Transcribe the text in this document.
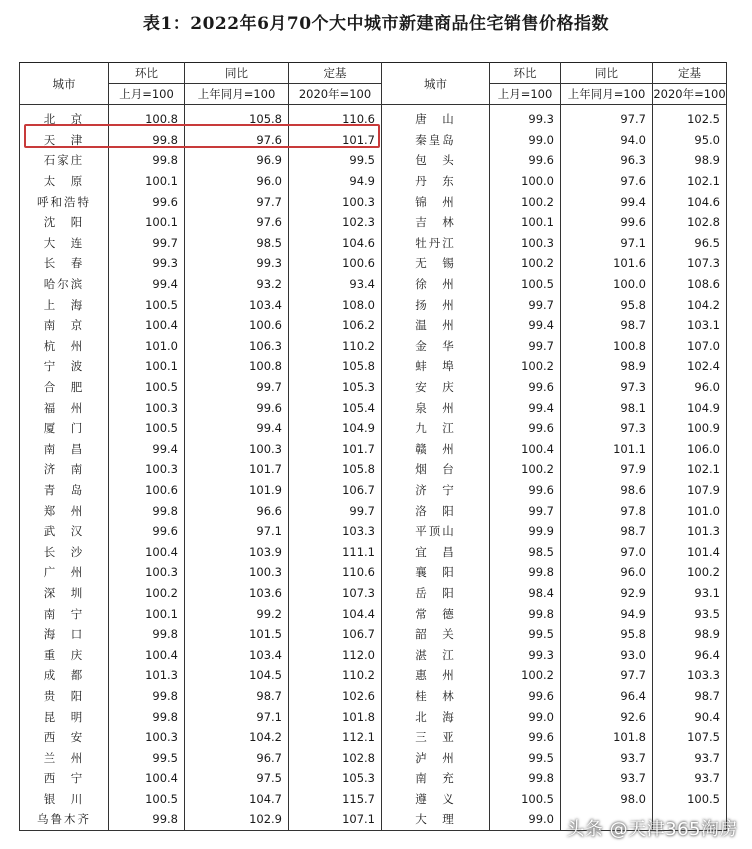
表1：2022年6月70个大中城市新建商品住宅销售价格指数
城市	环比	同比	定基	城市	环比	同比	定基
	上月=100	上年同月=100	2020年=100		上月=100	上年同月=100	2020年=100
北　京	100.8	105.8	110.6	唐　山	99.3	97.7	102.5
天　津	99.8	97.6	101.7	秦皇岛	99.0	94.0	95.0
石家庄	99.8	96.9	99.5	包　头	99.6	96.3	98.9
太　原	100.1	96.0	94.9	丹　东	100.0	97.6	102.1
呼和浩特	99.6	97.7	100.3	锦　州	100.2	99.4	104.6
沈　阳	100.1	97.6	102.3	吉　林	100.1	99.6	102.8
大　连	99.7	98.5	104.6	牡丹江	100.3	97.1	96.5
长　春	99.3	99.3	100.6	无　锡	100.2	101.6	107.3
哈尔滨	99.4	93.2	93.4	徐　州	100.5	100.0	108.6
上　海	100.5	103.4	108.0	扬　州	99.7	95.8	104.2
南　京	100.4	100.6	106.2	温　州	99.4	98.7	103.1
杭　州	101.0	106.3	110.2	金　华	99.7	100.8	107.0
宁　波	100.1	100.8	105.8	蚌　埠	100.2	98.9	102.4
合　肥	100.5	99.7	105.3	安　庆	99.6	97.3	96.0
福　州	100.3	99.6	105.4	泉　州	99.4	98.1	104.9
厦　门	100.5	99.4	104.9	九　江	99.6	97.3	100.9
南　昌	99.4	100.3	101.7	赣　州	100.4	101.1	106.0
济　南	100.3	101.7	105.8	烟　台	100.2	97.9	102.1
青　岛	100.6	101.9	106.7	济　宁	99.6	98.6	107.9
郑　州	99.8	96.6	99.7	洛　阳	99.7	97.8	101.0
武　汉	99.6	97.1	103.3	平顶山	99.9	98.7	101.3
长　沙	100.4	103.9	111.1	宜　昌	98.5	97.0	101.4
广　州	100.3	100.3	110.6	襄　阳	99.8	96.0	100.2
深　圳	100.2	103.6	107.3	岳　阳	98.4	92.9	93.1
南　宁	100.1	99.2	104.4	常　德	99.8	94.9	93.5
海　口	99.8	101.5	106.7	韶　关	99.5	95.8	98.9
重　庆	100.4	103.4	112.0	湛　江	99.3	93.0	96.4
成　都	101.3	104.5	110.2	惠　州	100.2	97.7	103.3
贵　阳	99.8	98.7	102.6	桂　林	99.6	96.4	98.7
昆　明	99.8	97.1	101.8	北　海	99.0	92.6	90.4
西　安	100.3	104.2	112.1	三　亚	99.6	101.8	107.5
兰　州	99.5	96.7	102.8	泸　州	99.5	93.7	93.7
西　宁	100.4	97.5	105.3	南　充	99.8	93.7	93.7
银　川	100.5	104.7	115.7	遵　义	100.5	98.0	100.5
乌鲁木齐	99.8	102.9	107.1	大　理	99.0		头条 @天津365淘房
